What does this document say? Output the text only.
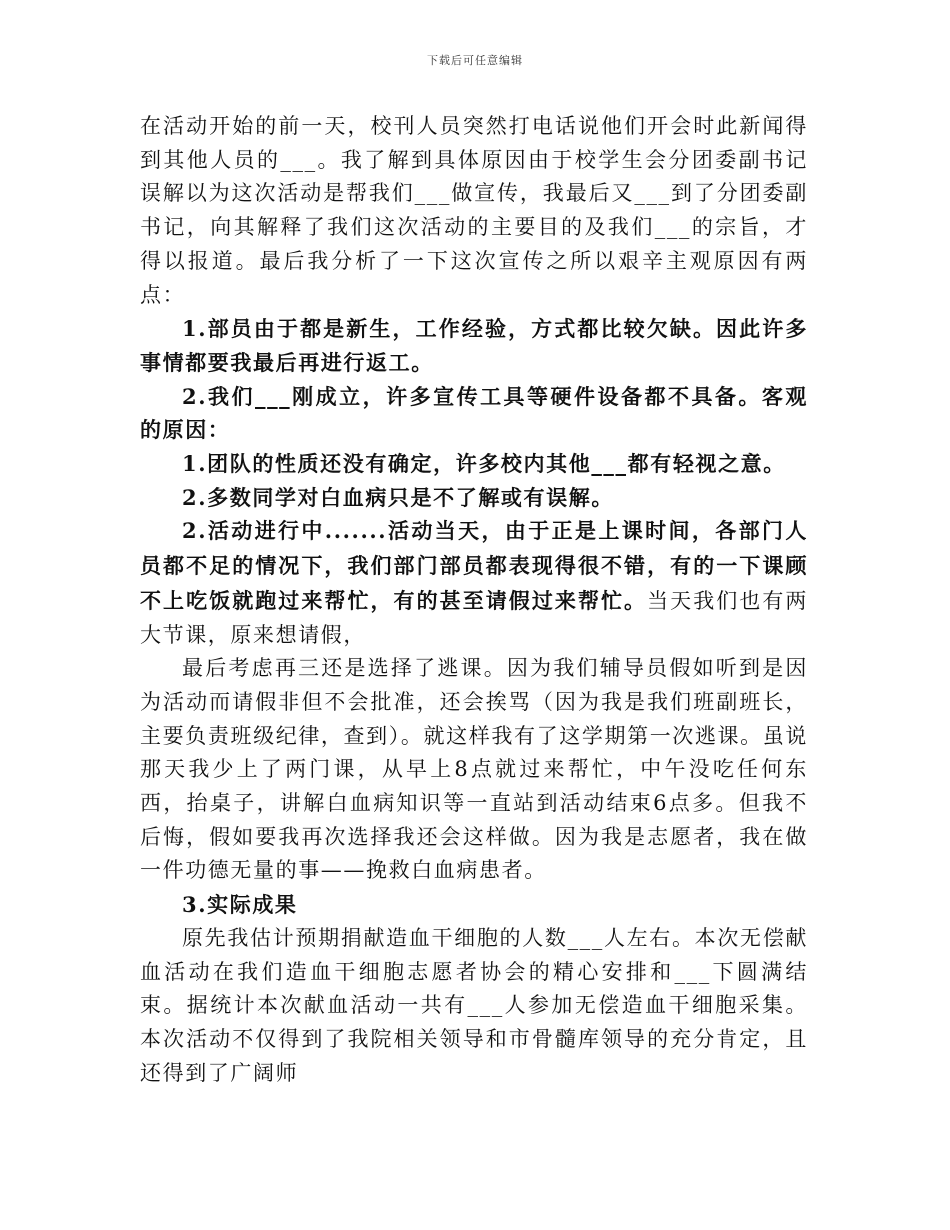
下载后可任意编辑

在活动开始的前一天，校刊人员突然打电话说他们开会时此新闻得到其他人员的___。我了解到具体原因由于校学生会分团委副书记误解以为这次活动是帮我们___做宣传，我最后又___到了分团委副书记，向其解释了我们这次活动的主要目的及我们___的宗旨，才得以报道。最后我分析了一下这次宣传之所以艰辛主观原因有两点：

1.部员由于都是新生，工作经验，方式都比较欠缺。因此许多事情都要我最后再进行返工。

2.我们___刚成立，许多宣传工具等硬件设备都不具备。客观的原因：

1.团队的性质还没有确定，许多校内其他___都有轻视之意。

2.多数同学对白血病只是不了解或有误解。

2.活动进行中.......活动当天，由于正是上课时间，各部门人员都不足的情况下，我们部门部员都表现得很不错，有的一下课顾不上吃饭就跑过来帮忙，有的甚至请假过来帮忙。当天我们也有两大节课，原来想请假，

最后考虑再三还是选择了逃课。因为我们辅导员假如听到是因为活动而请假非但不会批准，还会挨骂（因为我是我们班副班长，主要负责班级纪律，查到）。就这样我有了这学期第一次逃课。虽说那天我少上了两门课，从早上8点就过来帮忙，中午没吃任何东西，抬桌子，讲解白血病知识等一直站到活动结束6点多。但我不后悔，假如要我再次选择我还会这样做。因为我是志愿者，我在做一件功德无量的事——挽救白血病患者。

3.实际成果

原先我估计预期捐献造血干细胞的人数___人左右。本次无偿献血活动在我们造血干细胞志愿者协会的精心安排和___下圆满结束。据统计本次献血活动一共有___人参加无偿造血干细胞采集。本次活动不仅得到了我院相关领导和市骨髓库领导的充分肯定，且还得到了广阔师
